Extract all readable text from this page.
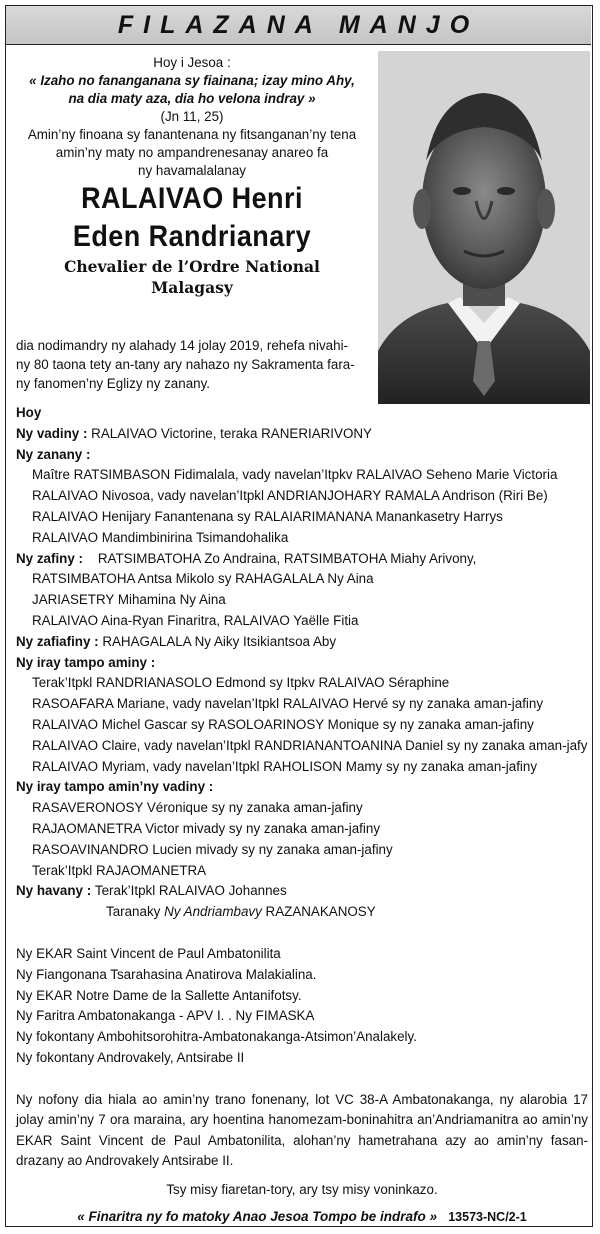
FILAZANA MANJO
Hoy i Jesoa :
« Izaho no fananganana sy fiainana; izay mino Ahy,
na dia maty aza, dia ho velona indray »
(Jn 11, 25)
Amin’ny finoana sy fanantenana ny fitsanganan’ny tena
amin’ny maty no ampandrenesanay anareo fa
ny havamalalanay
RALAIVAO Henri
Eden Randrianary
Chevalier de l’Ordre National
Malagasy
dia nodimandry ny alahady 14 jolay 2019, rehefa nivahi-
ny 80 taona tety an-tany ary nahazo ny Sakramenta fara-
ny fanomen’ny Eglizy ny zanany.
Hoy
Ny vadiny : RALAIVAO Victorine, teraka RANERIARIVONY
Ny zanany :
Maître RATSIMBASON Fidimalala, vady navelan’Itpkv RALAIVAO Seheno Marie Victoria
RALAIVAO Nivosoa, vady navelan’Itpkl ANDRIANJOHARY RAMALA Andrison (Riri Be)
RALAIVAO Henijary Fanantenana sy RALAIARIMANANA Manankasetry Harrys
RALAIVAO Mandimbinirina Tsimandohalika
Ny zafiny : RATSIMBATOHA Zo Andraina, RATSIMBATOHA Miahy Arivony,
RATSIMBATOHA Antsa Mikolo sy RAHAGALALA Ny Aina
JARIASETRY Mihamina Ny Aina
RALAIVAO Aina-Ryan Finaritra, RALAIVAO Yaëlle Fitia
Ny zafiafiny : RAHAGALALA Ny Aiky Itsikiantsoa Aby
Ny iray tampo aminy :
Terak’Itpkl RANDRIANASOLO Edmond sy Itpkv RALAIVAO Séraphine
RASOAFARA Mariane, vady navelan’Itpkl RALAIVAO Hervé sy ny zanaka aman-jafiny
RALAIVAO Michel Gascar sy RASOLOARINOSY Monique sy ny zanaka aman-jafiny
RALAIVAO Claire, vady navelan’Itpkl RANDRIANANTOANINA Daniel sy ny zanaka aman-jafy
RALAIVAO Myriam, vady navelan’Itpkl RAHOLISON Mamy sy ny zanaka aman-jafiny
Ny iray tampo amin’ny vadiny :
RASAVERONOSY Véronique sy ny zanaka aman-jafiny
RAJAOMANETRA Victor mivady sy ny zanaka aman-jafiny
RASOAVINANDRO Lucien mivady sy ny zanaka aman-jafiny
Terak’Itpkl RAJAOMANETRA
Ny havany : Terak’Itpkl RALAIVAO Johannes
Taranaky Ny Andriambavy RAZANAKANOSY
Ny EKAR Saint Vincent de Paul Ambatonilita
Ny Fiangonana Tsarahasina Anatirova Malakialina.
Ny EKAR Notre Dame de la Sallette Antanifotsy.
Ny Faritra Ambatonakanga - APV I. . Ny FIMASKA
Ny fokontany Ambohitsorohitra-Ambatonakanga-Atsimon’Analakely.
Ny fokontany Androvakely, Antsirabe II
Ny nofony dia hiala ao amin’ny trano fonenany, lot VC 38-A Ambatonakanga, ny alarobia 17 jolay amin’ny 7 ora maraina, ary hoentina hanomezam-boninahitra an’Andriamanitra ao amin’ny EKAR Saint Vincent de Paul Ambatonilita, alohan’ny hametrahana azy ao amin’ny fasan-drazany ao Androvakely Antsirabe II.
Tsy misy fiaretan-tory, ary tsy misy voninkazo.
« Finaritra ny fo matoky Anao Jesoa Tompo be indrafo » 13573-NC/2-1
